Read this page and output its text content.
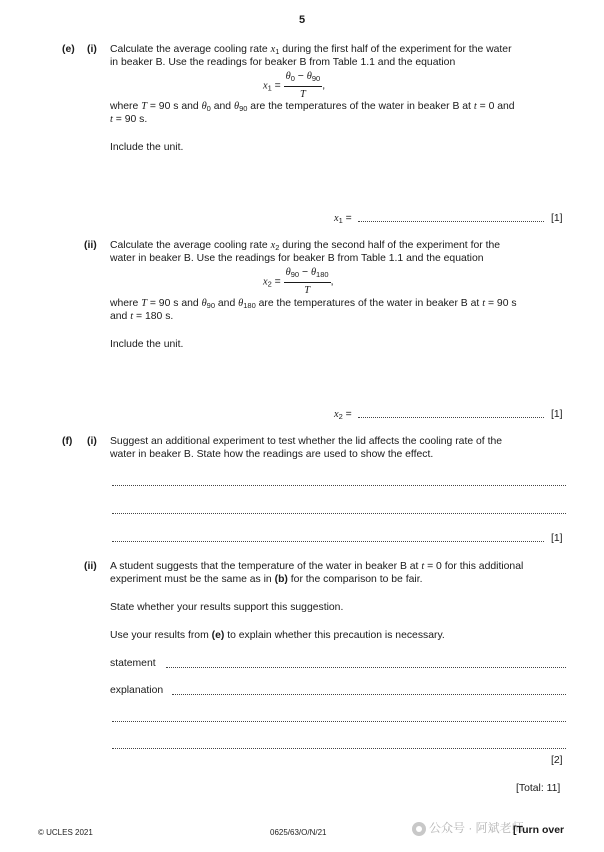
5
(e) (i) Calculate the average cooling rate $x_1$ during the first half of the experiment for the water
in beaker B. Use the readings for beaker B from Table 1.1 and the equation
$x_1 = \frac{\theta_0 - \theta_{90}}{T}$ ,
where T = 90 s and $\theta_0$ and $\theta_{90}$ are the temperatures of the water in beaker B at t = 0 and
t = 90 s.
Include the unit.
$x_1$ =	[1]
(ii) Calculate the average cooling rate $x_2$ during the second half of the experiment for the
water in beaker B. Use the readings for beaker B from Table 1.1 and the equation
$x_2 = \frac{\theta_{90} - \theta_{180}}{T}$ ,
where T = 90 s and $\theta_{90}$ and $\theta_{180}$ are the temperatures of the water in beaker B at t = 90 s
and t = 180 s.
Include the unit.
$x_2$ =	[1]
(f) (i) Suggest an additional experiment to test whether the lid affects the cooling rate of the
water in beaker B. State how the readings are used to show the effect.
[1]
(ii) A student suggests that the temperature of the water in beaker B at t = 0 for this additional
experiment must be the same as in (b) for the comparison to be fair.
State whether your results support this suggestion.
Use your results from (e) to explain whether this precaution is necessary.
statement
explanation
[2]
[Total: 11]
© UCLES 2021	0625/63/O/N/21	公众号 · 阿斌老师
[Turn over
